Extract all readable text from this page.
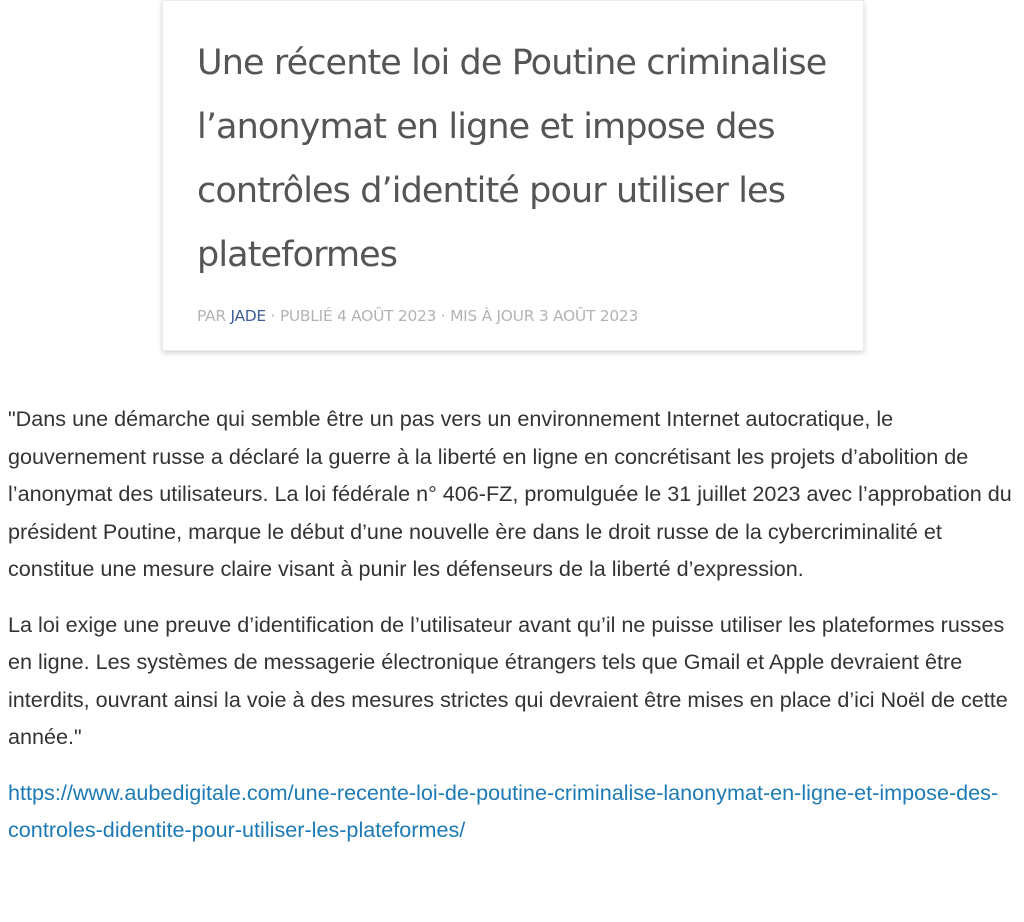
Une récente loi de Poutine criminalise l’anonymat en ligne et impose des contrôles d’identité pour utiliser les plateformes
PAR JADE · PUBLIÉ 4 AOÛT 2023 · MIS À JOUR 3 AOÛT 2023

"Dans une démarche qui semble être un pas vers un environnement Internet autocratique, le gouvernement russe a déclaré la guerre à la liberté en ligne en concrétisant les projets d’abolition de l’anonymat des utilisateurs. La loi fédérale n° 406-FZ, promulguée le 31 juillet 2023 avec l’approbation du président Poutine, marque le début d’une nouvelle ère dans le droit russe de la cybercriminalité et constitue une mesure claire visant à punir les défenseurs de la liberté d’expression.

La loi exige une preuve d’identification de l’utilisateur avant qu’il ne puisse utiliser les plateformes russes en ligne. Les systèmes de messagerie électronique étrangers tels que Gmail et Apple devraient être interdits, ouvrant ainsi la voie à des mesures strictes qui devraient être mises en place d’ici Noël de cette année."

https://www.aubedigitale.com/une-recente-loi-de-poutine-criminalise-lanonymat-en-ligne-et-impose-des-controles-didentite-pour-utiliser-les-plateformes/
